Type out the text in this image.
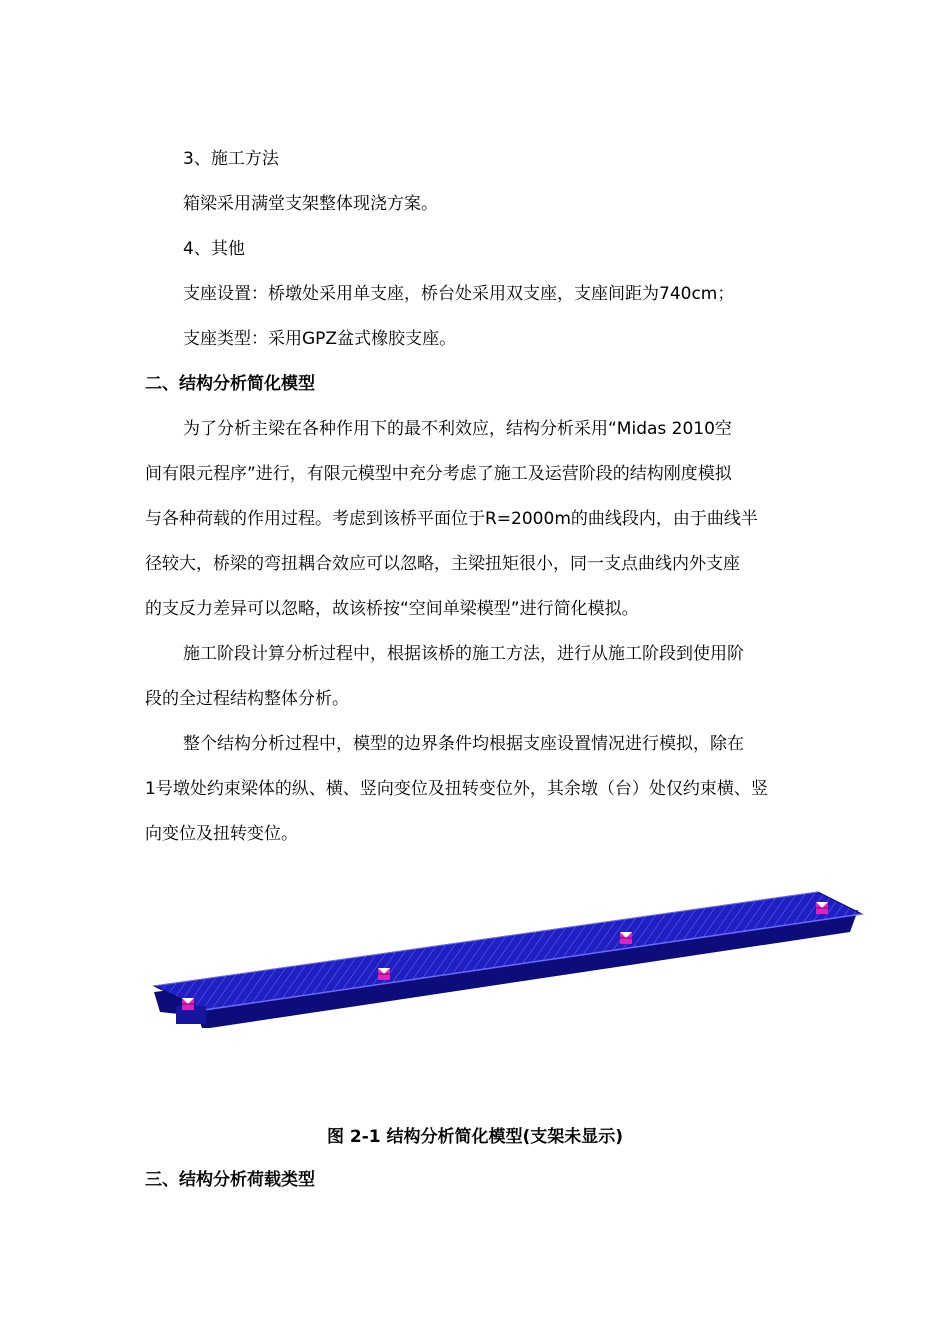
3、施工方法
箱梁采用满堂支架整体现浇方案。
4、其他
支座设置：桥墩处采用单支座，桥台处采用双支座，支座间距为740cm；
支座类型：采用GPZ盆式橡胶支座。
二、结构分析简化模型
为了分析主梁在各种作用下的最不利效应，结构分析采用“Midas 2010空
间有限元程序”进行，有限元模型中充分考虑了施工及运营阶段的结构刚度模拟
与各种荷载的作用过程。考虑到该桥平面位于R=2000m的曲线段内，由于曲线半
径较大，桥梁的弯扭耦合效应可以忽略，主梁扭矩很小，同一支点曲线内外支座
的支反力差异可以忽略，故该桥按“空间单梁模型”进行简化模拟。
施工阶段计算分析过程中，根据该桥的施工方法，进行从施工阶段到使用阶
段的全过程结构整体分析。
整个结构分析过程中，模型的边界条件均根据支座设置情况进行模拟，除在
1号墩处约束梁体的纵、横、竖向变位及扭转变位外，其余墩（台）处仅约束横、竖
向变位及扭转变位。
图 2-1 结构分析简化模型(支架未显示)
三、结构分析荷载类型
